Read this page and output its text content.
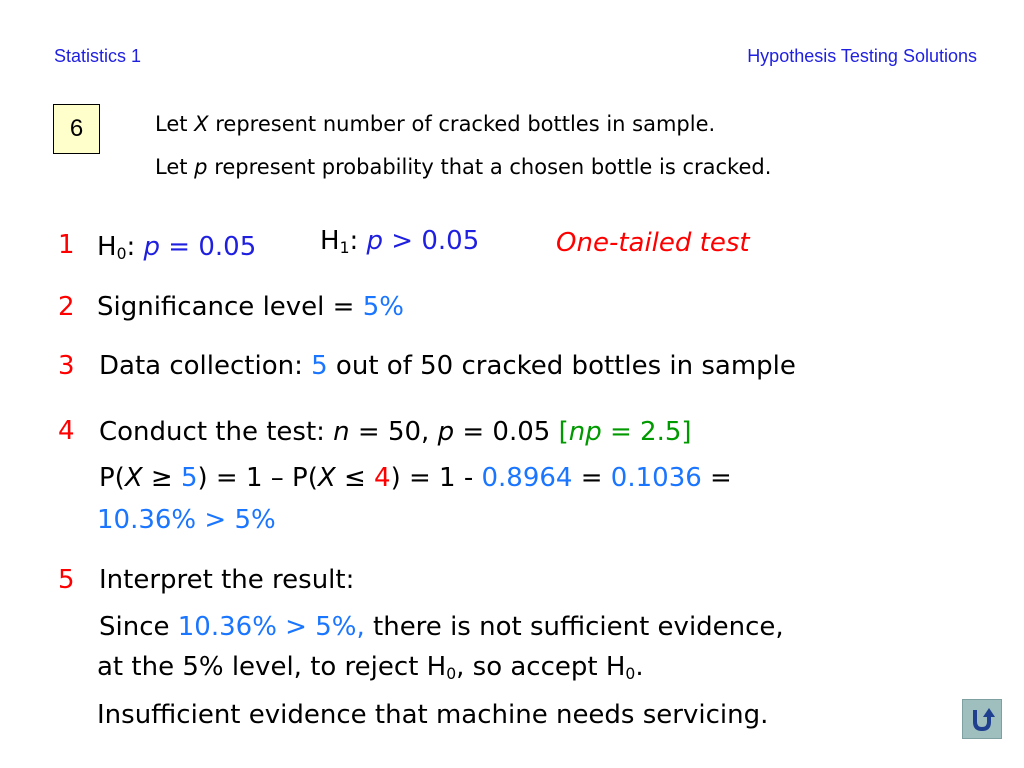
Statistics 1	Hypothesis Testing Solutions
6	Let X represent number of cracked bottles in sample.
Let p represent probability that a chosen bottle is cracked.
1 $H_0$: p = 0.05 $H_1$: p > 0.05	One-tailed test
2 Significance level = 5%
3 Data collection: 5 out of 50 cracked bottles in sample
4 Conduct the test: n = 50, p = 0.05 [np = 2.5]
P(X ≥ 5) = 1 – P(X ≤ 4) = 1 - 0.8964 = 0.1036 =
10.36% > 5%
5 Interpret the result:
Since 10.36% > 5%, there is not sufficient evidence,
at the 5% level, to reject $H_0$, so accept $H_0$.
Insufficient evidence that machine needs servicing.
